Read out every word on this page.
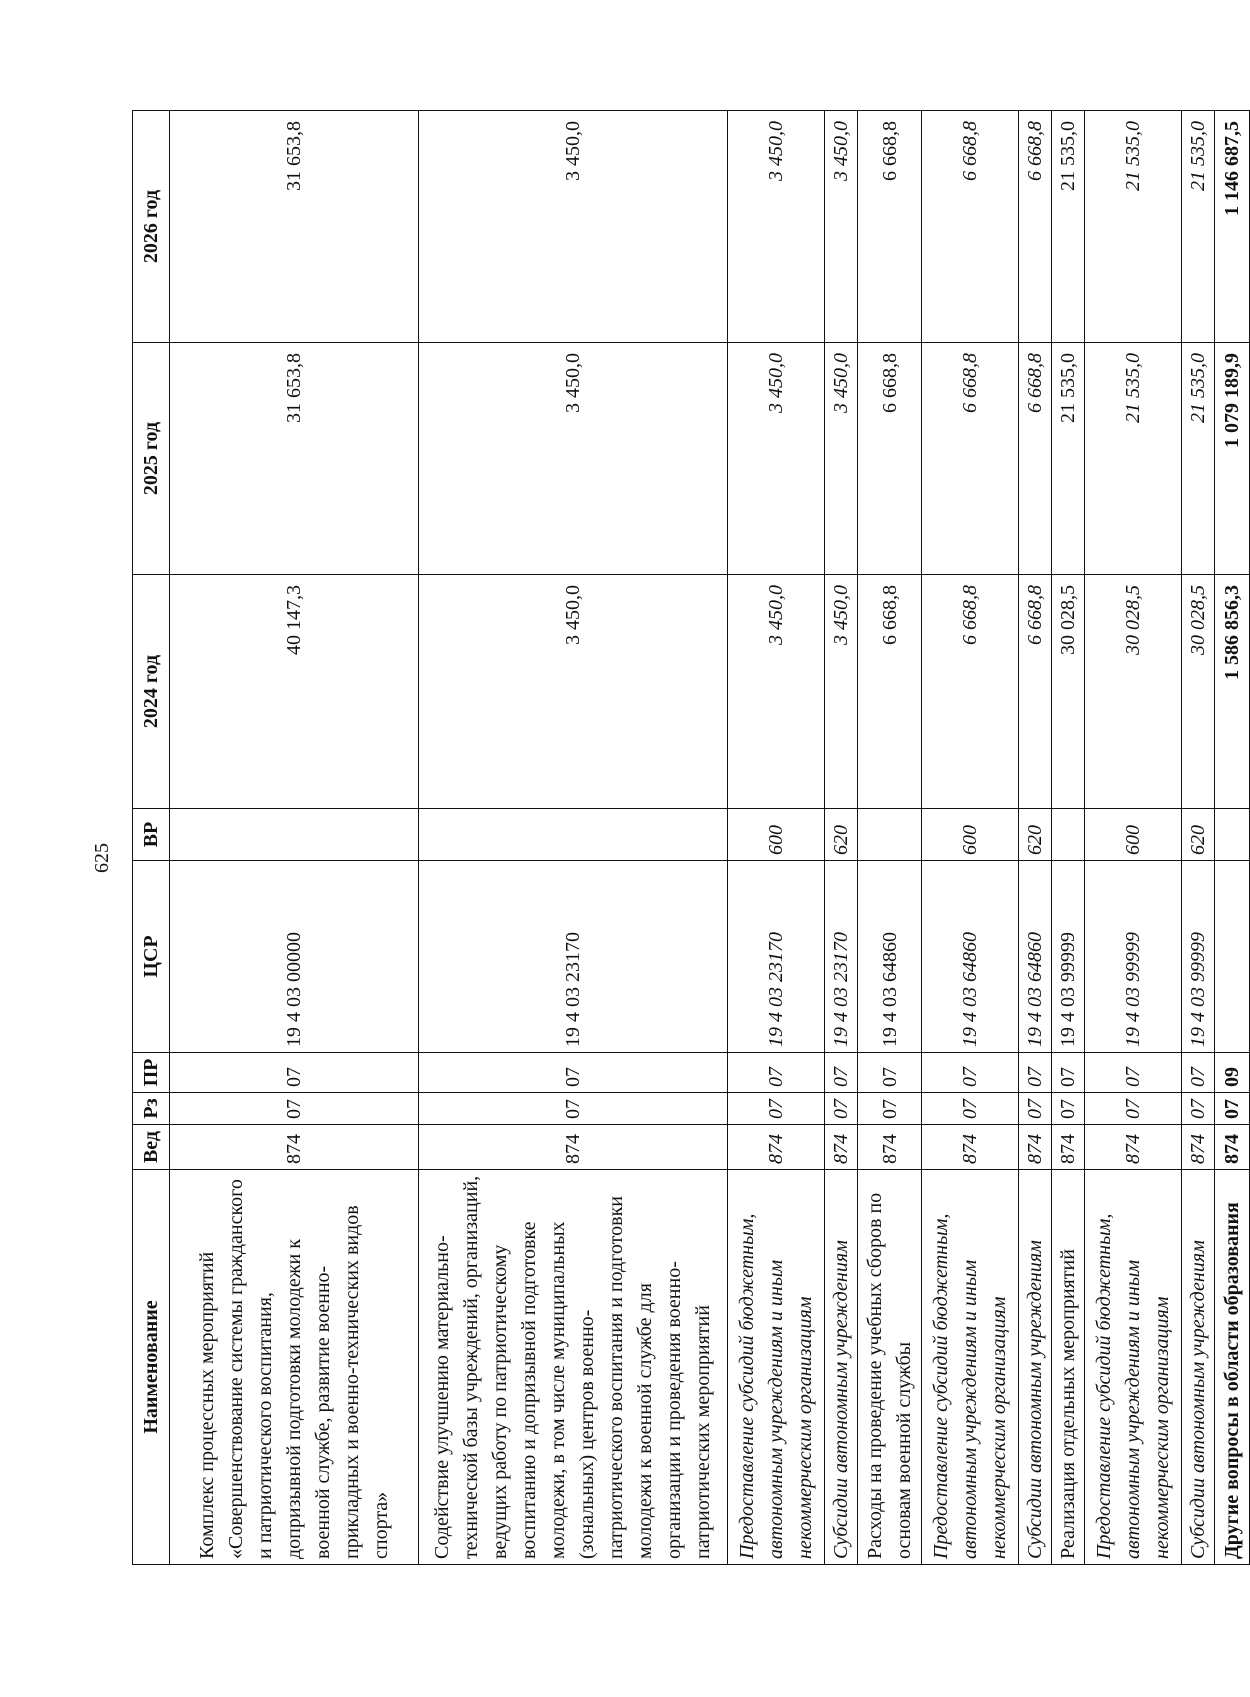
625
Наименование	Вед	Рз	ПР	ЦСР	ВР	2024 год	2025 год	2026 год
Комплекс процессных мероприятий «Совершенствование системы гражданского и патриотического воспитания, допризывной подготовки молодежи к военной службе, развитие военно-прикладных и военно-технических видов спорта»	874	07	07	19 4 03 00000		40 147,3	31 653,8	31 653,8
Содействие улучшению материально-технической базы учреждений, организаций, ведущих работу по патриотическому воспитанию и допризывной подготовке молодежи, в том числе муниципальных (зональных) центров военно-патриотического воспитания и подготовки молодежи к военной службе для организации и проведения военно-патриотических мероприятий	874	07	07	19 4 03 23170		3 450,0	3 450,0	3 450,0
Предоставление субсидий бюджетным, автономным учреждениям и иным некоммерческим организациям	874	07	07	19 4 03 23170	600	3 450,0	3 450,0	3 450,0
Субсидии автономным учреждениям	874	07	07	19 4 03 23170	620	3 450,0	3 450,0	3 450,0
Расходы на проведение учебных сборов по основам военной службы	874	07	07	19 4 03 64860		6 668,8	6 668,8	6 668,8
Предоставление субсидий бюджетным, автономным учреждениям и иным некоммерческим организациям	874	07	07	19 4 03 64860	600	6 668,8	6 668,8	6 668,8
Субсидии автономным учреждениям	874	07	07	19 4 03 64860	620	6 668,8	6 668,8	6 668,8
Реализация отдельных мероприятий	874	07	07	19 4 03 99999		30 028,5	21 535,0	21 535,0
Предоставление субсидий бюджетным, автономным учреждениям и иным некоммерческим организациям	874	07	07	19 4 03 99999	600	30 028,5	21 535,0	21 535,0
Субсидии автономным учреждениям	874	07	07	19 4 03 99999	620	30 028,5	21 535,0	21 535,0
Другие вопросы в области образования	874	07	09			1 586 856,3	1 079 189,9	1 146 687,5
